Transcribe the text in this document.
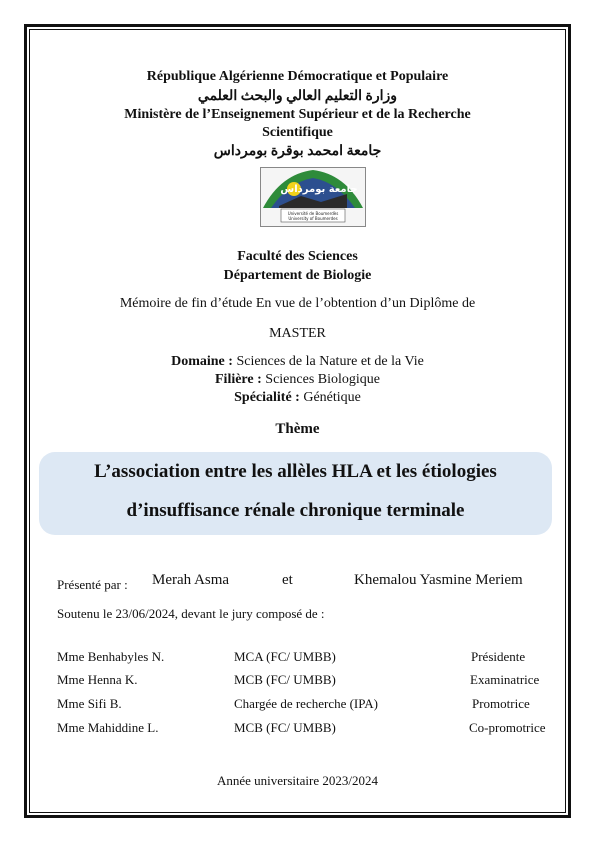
République Algérienne Démocratique et Populaire
وزارة التعليم العالي والبحث العلمي
Ministère de l’Enseignement Supérieur et de la Recherche
Scientifique
جامعة امحمد بوقرة بومرداس
جامعة بومرداس
Université de Boumerdès
University of Boumerdes
Faculté des Sciences
Département de Biologie
Mémoire de fin d’étude En vue de l’obtention d’un Diplôme de
MASTER
Domaine : Sciences de la Nature et de la Vie
Filière : Sciences Biologique
Spécialité : Génétique
Thème
L’association entre les allèles HLA et les étiologies
d’insuffisance rénale chronique terminale
Présenté par : Merah Asma	et	Khemalou Yasmine Meriem
Soutenu le 23/06/2024, devant le jury composé de :
Mme Benhabyles N.	MCA (FC/ UMBB)	Présidente
Mme Henna K.	MCB (FC/ UMBB)	Examinatrice
Mme Sifi B.	Chargée de recherche (IPA)	Promotrice
Mme Mahiddine L.	MCB (FC/ UMBB)	Co-promotrice
Année universitaire 2023/2024
